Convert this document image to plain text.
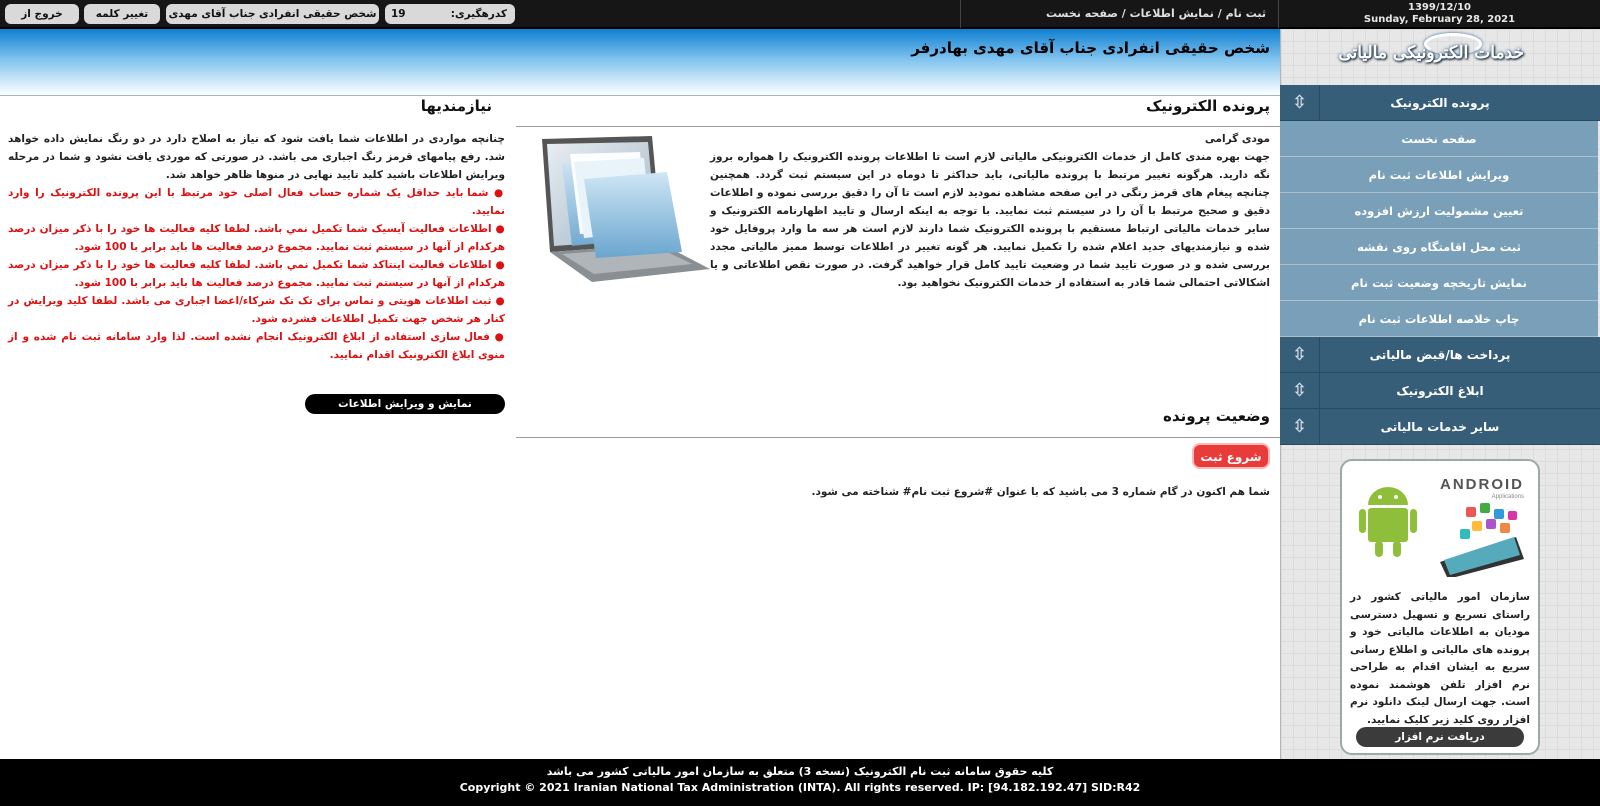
1399/12/10
Sunday, February 28, 2021
ثبت نام / نمایش اطلاعات / صفحه نخست
19	کدرهگیری:
شخص حقیقی انفرادی جناب آقای مهدی
تغییر کلمه
خروج از
شخص حقیقی انفرادی جناب آقای مهدی بهادرفر
پرونده الکترونیک
مودی گرامی
جهت بهره مندی کامل از خدمات الکترونیکی مالیاتی لازم است تا اطلاعات پرونده الکترونیک را همواره بروز نگه دارید. هرگونه تغییر مرتبط با پرونده مالیاتی، باید حداکثر تا دوماه در این سیستم ثبت گردد. همچنین چنانچه پیغام های قرمز رنگی در این صفحه مشاهده نمودید لازم است تا آن را دقیق بررسی نموده و اطلاعات دقیق و صحیح مرتبط با آن را در سیستم ثبت نمایید. با توجه به اینکه ارسال و تایید اظهارنامه الکترونیک و سایر خدمات مالیاتی ارتباط مستقیم با پرونده الکترونیک شما دارند لازم است هر سه ما وارد پروفایل خود شده و نیازمندیهای جدید اعلام شده را تکمیل نمایید. هر گونه تغییر در اطلاعات توسط ممیز مالیاتی مجدد بررسی شده و در صورت تایید شما در وضعیت تایید کامل قرار خواهید گرفت. در صورت نقص اطلاعاتی و یا اشکالاتی احتمالی شما قادر به استفاده از خدمات الکترونیک نخواهید بود.
نیازمندیها
چنانچه مواردی در اطلاعات شما یافت شود که نیاز به اصلاح دارد در دو رنگ نمایش داده خواهد شد. رفع پیامهای قرمز رنگ اجباری می باشد. در صورتی که موردی یافت نشود و شما در مرحله ویرایش اطلاعات باشید کلید تایید نهایی در منوها ظاهر خواهد شد.
● شما باید حداقل یک شماره حساب فعال اصلی خود مرتبط با این پرونده الکترونیک را وارد نمایید.
● اطلاعات فعالیت آیسیک شما تکمیل نمي باشد. لطفا کلیه فعالیت ها خود را با ذکر میزان درصد هرکدام از آنها در سیستم ثبت نمایید. مجموع درصد فعالیت ها باید برابر با 100 شود.
● اطلاعات فعالیت اینتاکد شما تکمیل نمي باشد. لطفا کلیه فعالیت ها خود را با ذکر میزان درصد هرکدام از آنها در سیستم ثبت نمایید. مجموع درصد فعالیت ها باید برابر با 100 شود.
● ثبت اطلاعات هویتی و تماس برای تک تک شرکاء/اعضا اجباری می باشد. لطفا کلید ویرایش در کنار هر شخص جهت تکمیل اطلاعات فشرده شود.
● فعال سازی استفاده از ابلاغ الکترونیک انجام نشده است. لذا وارد سامانه ثبت نام شده و از منوی ابلاغ الکترونیک اقدام نمایید.
نمایش و ویرایش اطلاعات
وضعیت پرونده
شروع ثبت نام
شما هم اکنون در گام شماره 3 می باشید که با عنوان #شروع ثبت نام# شناخته می شود.
خدمات الکترونیکی مالیاتی
پرونده الکترونیک
⇳
صفحه نخست
ویرایش اطلاعات ثبت نام
تعیین مشمولیت ارزش افزوده
ثبت محل اقامتگاه روی نقشه
نمایش تاریخچه وضعیت ثبت نام
چاپ خلاصه اطلاعات ثبت نام
پرداخت ها/قبض مالیاتی
⇳
ابلاغ الکترونیک
⇳
سایر خدمات مالیاتی
⇳
ANDROID
Applications
سازمان امور مالیاتی کشور در راستای تسریع و تسهیل دسترسی مودیان به اطلاعات مالیاتی خود و پرونده های مالیاتی و اطلاع رسانی سریع به ایشان اقدام به طراحی نرم افزار تلفن هوشمند نموده است. جهت ارسال لینک دانلود نرم افزار روی کلید زیر کلیک نمایید.
دریافت نرم افزار
کلیه حقوق سامانه ثبت نام الکترونیک (نسخه 3) متعلق به سازمان امور مالیاتی کشور می باشد
Copyright © 2021 Iranian National Tax Administration (INTA). All rights reserved. IP: [94.182.192.47] SID:R42
